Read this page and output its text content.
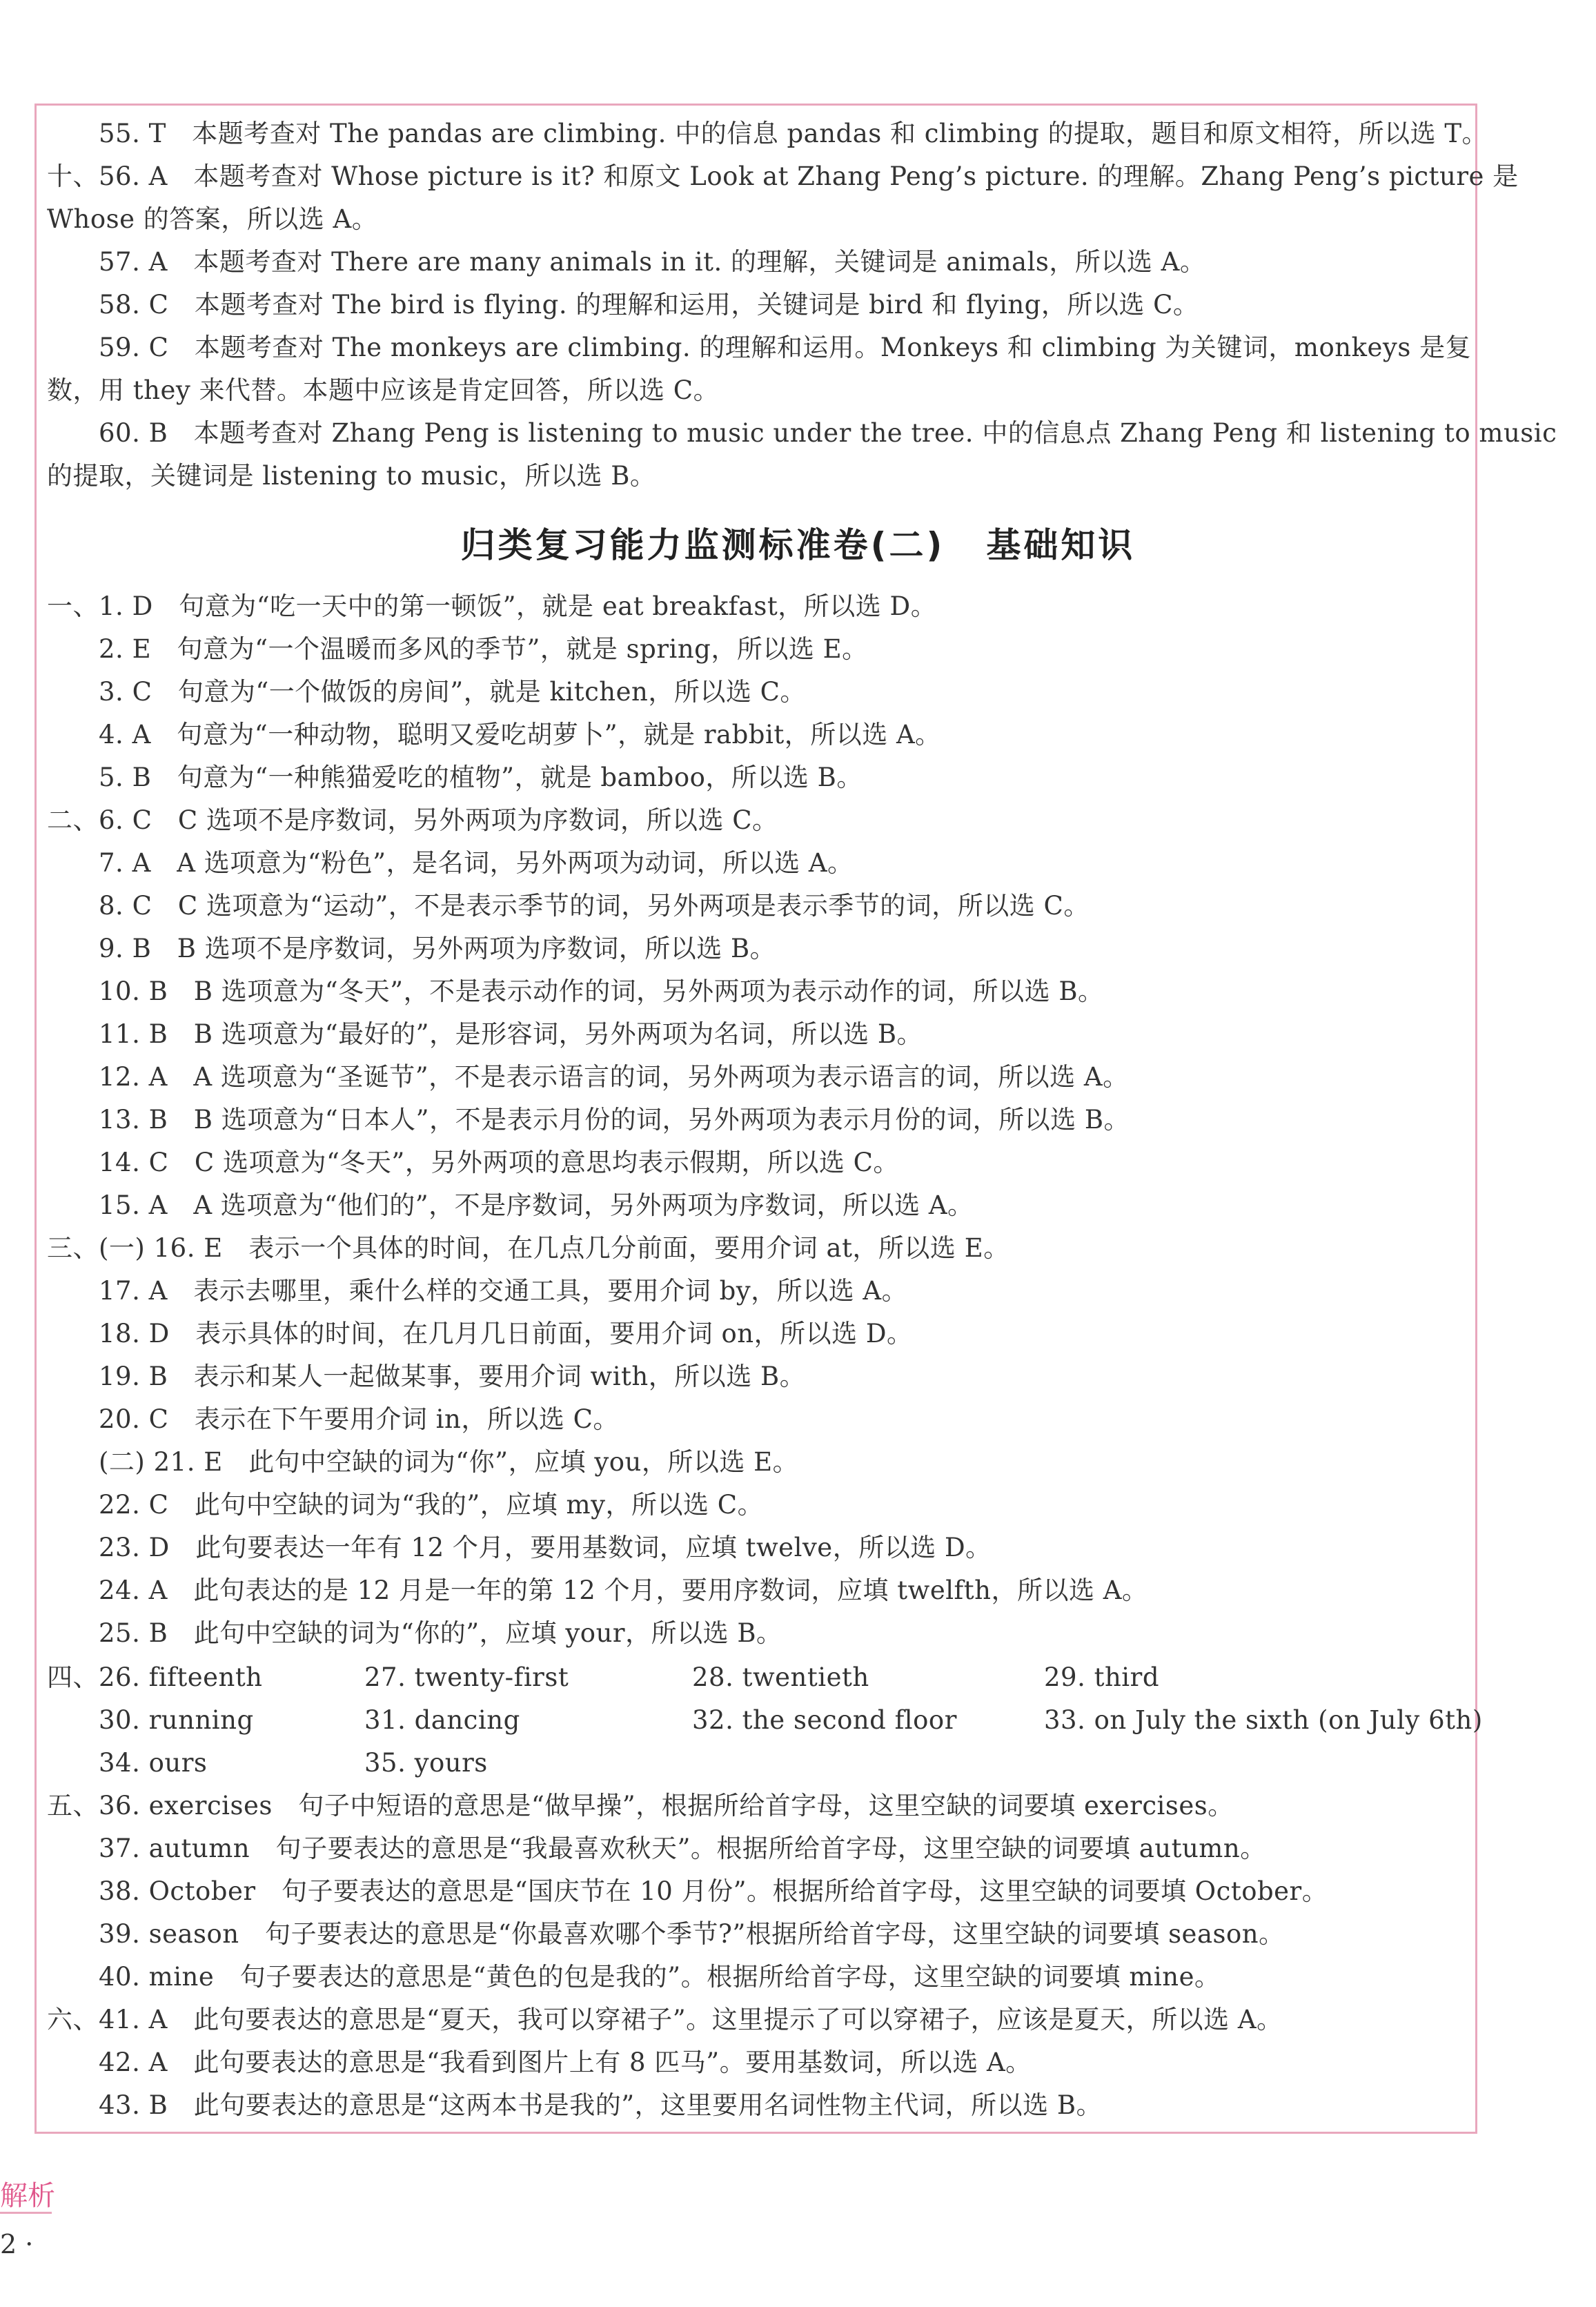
　　55. T　本题考查对 The pandas are climbing. 中的信息 pandas 和 climbing 的提取，题目和原文相符，所以选 T。
十、56. A　本题考查对 Whose picture is it? 和原文 Look at Zhang Peng’s picture. 的理解。Zhang Peng’s picture 是
Whose 的答案，所以选 A。
　　57. A　本题考查对 There are many animals in it. 的理解，关键词是 animals，所以选 A。
　　58. C　本题考查对 The bird is flying. 的理解和运用，关键词是 bird 和 flying，所以选 C。
　　59. C　本题考查对 The monkeys are climbing. 的理解和运用。Monkeys 和 climbing 为关键词，monkeys 是复
数，用 they 来代替。本题中应该是肯定回答，所以选 C。
　　60. B　本题考查对 Zhang Peng is listening to music under the tree. 中的信息点 Zhang Peng 和 listening to music
的提取，关键词是 listening to music，所以选 B。
归类复习能力监测标准卷(二) 基础知识
一、1. D　句意为“吃一天中的第一顿饭”，就是 eat breakfast，所以选 D。
　　2. E　句意为“一个温暖而多风的季节”，就是 spring，所以选 E。
　　3. C　句意为“一个做饭的房间”，就是 kitchen，所以选 C。
　　4. A　句意为“一种动物，聪明又爱吃胡萝卜”，就是 rabbit，所以选 A。
　　5. B　句意为“一种熊猫爱吃的植物”，就是 bamboo，所以选 B。
二、6. C　C 选项不是序数词，另外两项为序数词，所以选 C。
　　7. A　A 选项意为“粉色”，是名词，另外两项为动词，所以选 A。
　　8. C　C 选项意为“运动”，不是表示季节的词，另外两项是表示季节的词，所以选 C。
　　9. B　B 选项不是序数词，另外两项为序数词，所以选 B。
　　10. B　B 选项意为“冬天”，不是表示动作的词，另外两项为表示动作的词，所以选 B。
　　11. B　B 选项意为“最好的”，是形容词，另外两项为名词，所以选 B。
　　12. A　A 选项意为“圣诞节”，不是表示语言的词，另外两项为表示语言的词，所以选 A。
　　13. B　B 选项意为“日本人”，不是表示月份的词，另外两项为表示月份的词，所以选 B。
　　14. C　C 选项意为“冬天”，另外两项的意思均表示假期，所以选 C。
　　15. A　A 选项意为“他们的”，不是序数词，另外两项为序数词，所以选 A。
三、(一) 16. E　表示一个具体的时间，在几点几分前面，要用介词 at，所以选 E。
　　17. A　表示去哪里，乘什么样的交通工具，要用介词 by，所以选 A。
　　18. D　表示具体的时间，在几月几日前面，要用介词 on，所以选 D。
　　19. B　表示和某人一起做某事，要用介词 with，所以选 B。
　　20. C　表示在下午要用介词 in，所以选 C。
　　(二) 21. E　此句中空缺的词为“你”，应填 you，所以选 E。
　　22. C　此句中空缺的词为“我的”，应填 my，所以选 C。
　　23. D　此句要表达一年有 12 个月，要用基数词，应填 twelve，所以选 D。
　　24. A　此句表达的是 12 月是一年的第 12 个月，要用序数词，应填 twelfth，所以选 A。
　　25. B　此句中空缺的词为“你的”，应填 your，所以选 B。
四、26. fifteenth	27. twenty-first	28. twentieth	29. third
　　30. running	31. dancing	32. the second floor	33. on July the sixth (on July 6th)
　　34. ours	35. yours
五、36. exercises　句子中短语的意思是“做早操”，根据所给首字母，这里空缺的词要填 exercises。
　　37. autumn　句子要表达的意思是“我最喜欢秋天”。根据所给首字母，这里空缺的词要填 autumn。
　　38. October　句子要表达的意思是“国庆节在 10 月份”。根据所给首字母，这里空缺的词要填 October。
　　39. season　句子要表达的意思是“你最喜欢哪个季节?”根据所给首字母，这里空缺的词要填 season。
　　40. mine　句子要表达的意思是“黄色的包是我的”。根据所给首字母，这里空缺的词要填 mine。
六、41. A　此句要表达的意思是“夏天，我可以穿裙子”。这里提示了可以穿裙子，应该是夏天，所以选 A。
　　42. A　此句要表达的意思是“我看到图片上有 8 匹马”。要用基数词，所以选 A。
　　43. B　此句要表达的意思是“这两本书是我的”，这里要用名词性物主代词，所以选 B。
解析
2 ·
